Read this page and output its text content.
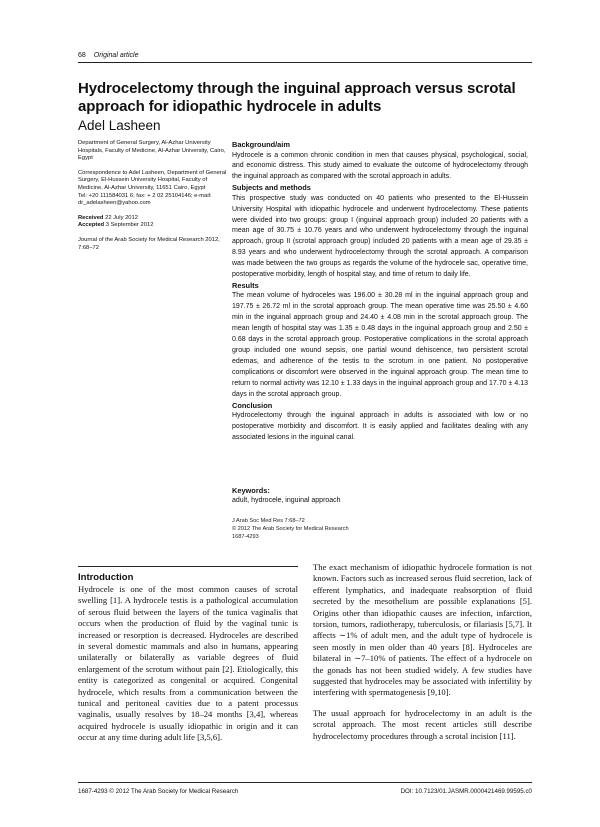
68 Original article
Hydrocelectomy through the inguinal approach versus scrotal approach for idiopathic hydrocele in adults
Adel Lasheen

Department of General Surgery, Al-Azhar University Hospitals, Faculty of Medicine, Al-Azhar University, Cairo, Egypt

Correspondence to Adel Lasheen, Department of General Surgery, El-Hussein University Hospital, Faculty of Medicine, Al-Azhar University, 11651 Cairo, Egypt
Tel: +20 111584031 6; fax: + 2 02 25104146; e-mail: dr_adelasheen@yahoo.com

Received 22 July 2012
Accepted 3 September 2012

Journal of the Arab Society for Medical Research 2012, 7:68–72

Background/aim

Hydrocele is a common chronic condition in men that causes physical, psychological, social, and economic distress. This study aimed to evaluate the outcome of hydrocelectomy through the inguinal approach as compared with the scrotal approach in adults.

Subjects and methods

This prospective study was conducted on 40 patients who presented to the El-Hussein University Hospital with idiopathic hydrocele and underwent hydrocelectomy. These patients were divided into two groups: group I (inguinal approach group) included 20 patients with a mean age of 30.75 ± 10.76 years and who underwent hydrocelectomy through the inguinal approach, group II (scrotal approach group) included 20 patients with a mean age of 29.35 ± 8.93 years and who underwent hydrocelectomy through the scrotal approach. A comparison was made between the two groups as regards the volume of the hydrocele sac, operative time, postoperative morbidity, length of hospital stay, and time of return to daily life.

Results

The mean volume of hydroceles was 196.00 ± 30.28 ml in the inguinal approach group and 197.75 ± 26.72 ml in the scrotal approach group. The mean operative time was 25.50 ± 4.60 min in the inguinal approach group and 24.40 ± 4.08 min in the scrotal approach group. The mean length of hospital stay was 1.35 ± 0.48 days in the inguinal approach group and 2.50 ± 0.68 days in the scrotal approach group. Postoperative complications in the scrotal approach group included one wound sepsis, one partial wound dehiscence, two persistent scrotal edemas, and adherence of the testis to the scrotum in one patient. No postoperative complications or discomfort were observed in the inguinal approach group. The mean time to return to normal activity was 12.10 ± 1.33 days in the inguinal approach group and 17.70 ± 4.13 days in the scrotal approach group.

Conclusion

Hydrocelectomy through the inguinal approach in adults is associated with low or no postoperative morbidity and discomfort. It is easily applied and facilitates dealing with any associated lesions in the inguinal canal.

Keywords:
adult, hydrocele, inguinal approach
J Arab Soc Med Res 7:68–72
© 2012 The Arab Society for Medical Research
1687-4293
Introduction

Hydrocele is one of the most common causes of scrotal swelling [1]. A hydrocele testis is a pathological accumulation of serous fluid between the layers of the tunica vaginalis that occurs when the production of fluid by the vaginal tunic is increased or resorption is decreased. Hydroceles are described in several domestic mammals and also in humans, appearing unilaterally or bilaterally as variable degrees of fluid enlargement of the scrotum without pain [2]. Etiologically, this entity is categorized as congenital or acquired. Congenital hydrocele, which results from a communication between the tunical and peritoneal cavities due to a patent processus vaginalis, usually resolves by 18–24 months [3,4], whereas acquired hydrocele is usually idiopathic in origin and it can occur at any time during adult life [3,5,6].

The exact mechanism of idiopathic hydrocele formation is not known. Factors such as increased serous fluid secretion, lack of efferent lymphatics, and inadequate reabsorption of fluid secreted by the mesothelium are possible explanations [5]. Origins other than idiopathic causes are infection, infarction, torsion, tumors, radiotherapy, tuberculosis, or filariasis [5,7]. It affects ∼1% of adult men, and the adult type of hydrocele is seen mostly in men older than 40 years [8]. Hydroceles are bilateral in ∼7–10% of patients. The effect of a hydrocele on the gonads has not been studied widely. A few studies have suggested that hydroceles may be associated with infertility by interfering with spermatogenesis [9,10].

The usual approach for hydrocelectomy in an adult is the scrotal approach. The most recent articles still describe hydrocelectomy procedures through a scrotal incision [11].

1687-4293 © 2012 The Arab Society for Medical Research	DOI: 10.7123/01.JASMR.0000421469.99595.c0
